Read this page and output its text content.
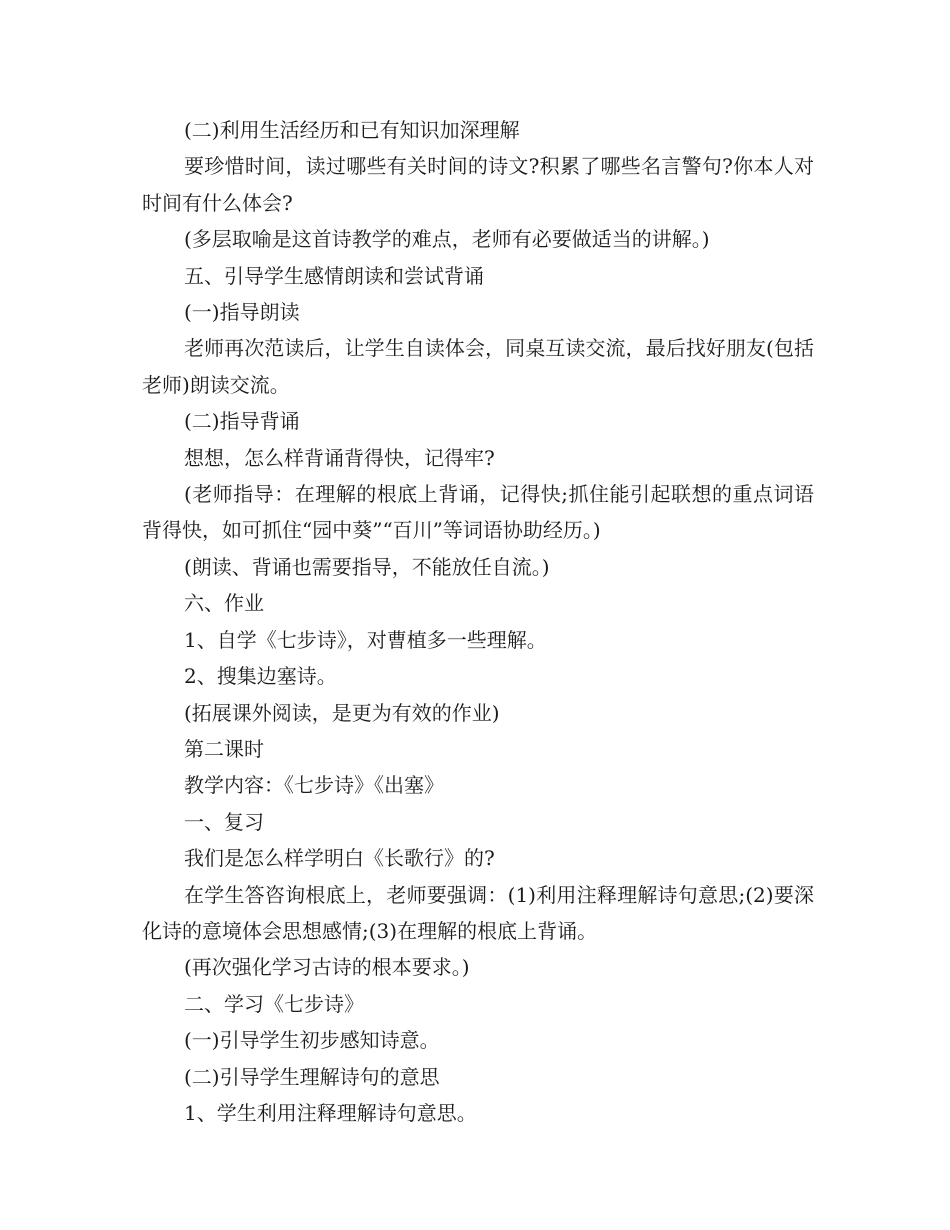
(二)利用生活经历和已有知识加深理解

要珍惜时间，读过哪些有关时间的诗文?积累了哪些名言警句?你本人对时间有什么体会?

(多层取喻是这首诗教学的难点，老师有必要做适当的讲解。)

五、引导学生感情朗读和尝试背诵

(一)指导朗读

老师再次范读后，让学生自读体会，同桌互读交流，最后找好朋友(包括老师)朗读交流。

(二)指导背诵

想想，怎么样背诵背得快，记得牢?

(老师指导：在理解的根底上背诵，记得快;抓住能引起联想的重点词语背得快，如可抓住“园中葵”“百川”等词语协助经历。)

(朗读、背诵也需要指导，不能放任自流。)

六、作业

1、自学《七步诗》，对曹植多一些理解。

2、搜集边塞诗。

(拓展课外阅读，是更为有效的作业)

第二课时

教学内容：《七步诗》《出塞》

一、复习

我们是怎么样学明白《长歌行》的?

在学生答咨询根底上，老师要强调：(1)利用注释理解诗句意思;(2)要深化诗的意境体会思想感情;(3)在理解的根底上背诵。

(再次强化学习古诗的根本要求。)

二、学习《七步诗》

(一)引导学生初步感知诗意。

(二)引导学生理解诗句的意思

1、学生利用注释理解诗句意思。
